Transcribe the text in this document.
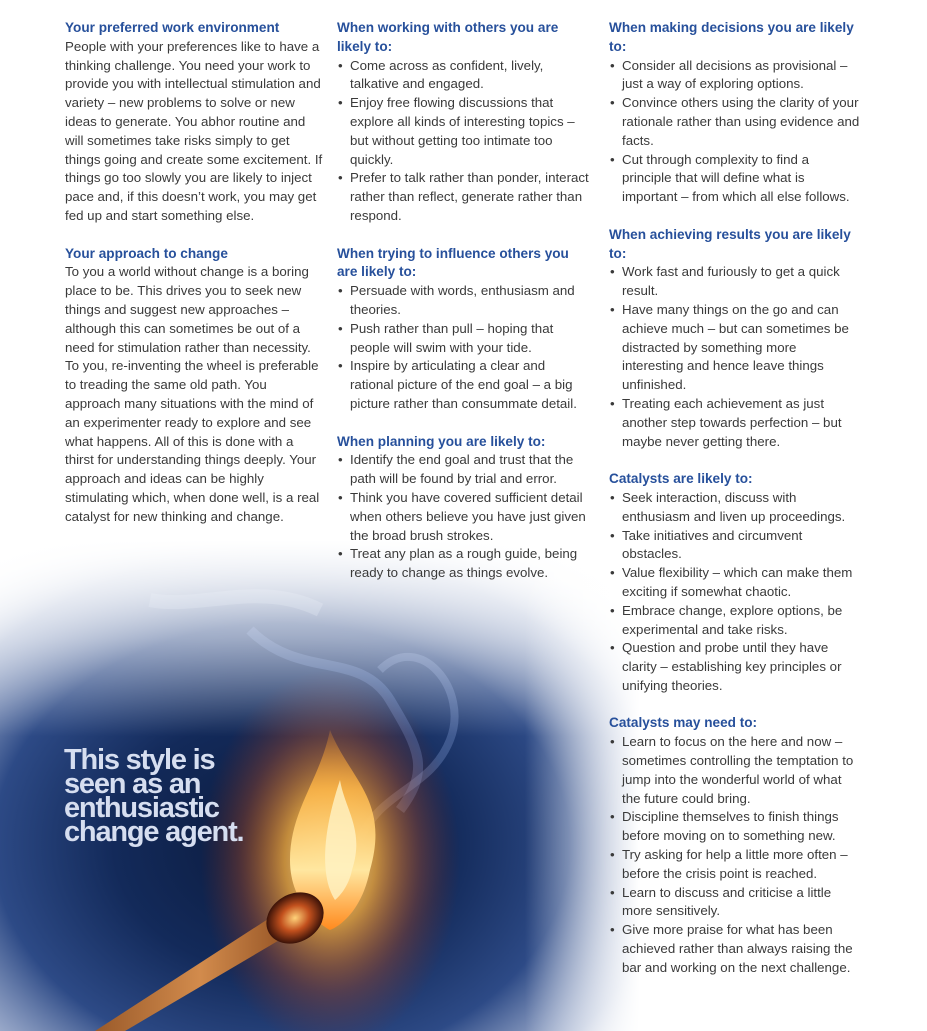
Your preferred work environment

People with your preferences like to have a thinking challenge. You need your work to provide you with intellectual stimulation and variety – new problems to solve or new ideas to generate. You abhor routine and will sometimes take risks simply to get things going and create some excitement. If things go too slowly you are likely to inject pace and, if this doesn’t work, you may get fed up and start something else.

Your approach to change

To you a world without change is a boring place to be. This drives you to seek new things and suggest new approaches – although this can sometimes be out of a need for stimulation rather than necessity. To you, re-inventing the wheel is preferable to treading the same old path. You approach many situations with the mind of an experimenter ready to explore and see what happens. All of this is done with a thirst for understanding things deeply. Your approach and ideas can be highly stimulating which, when done well, is a real catalyst for new thinking and change.

When working with others you are likely to:
• Come across as confident, lively, talkative and engaged.
• Enjoy free flowing discussions that explore all kinds of interesting topics – but without getting too intimate too quickly.
• Prefer to talk rather than ponder, interact rather than reflect, generate rather than respond.
When trying to influence others you are likely to:
• Persuade with words, enthusiasm and theories.
• Push rather than pull – hoping that people will swim with your tide.
• Inspire by articulating a clear and rational picture of the end goal – a big picture rather than consummate detail.
When planning you are likely to:
• Identify the end goal and trust that the path will be found by trial and error.
• Think you have covered sufficient detail when others believe you have just given the broad brush strokes.
• Treat any plan as a rough guide, being ready to change as things evolve.
When making decisions you are likely to:
• Consider all decisions as provisional – just a way of exploring options.
• Convince others using the clarity of your rationale rather than using evidence and facts.
• Cut through complexity to find a principle that will define what is important – from which all else follows.
When achieving results you are likely to:
• Work fast and furiously to get a quick result.
• Have many things on the go and can achieve much – but can sometimes be distracted by something more interesting and hence leave things unfinished.
• Treating each achievement as just another step towards perfection – but maybe never getting there.
Catalysts are likely to:
• Seek interaction, discuss with enthusiasm and liven up proceedings.
• Take initiatives and circumvent obstacles.
• Value flexibility – which can make them exciting if somewhat chaotic.
• Embrace change, explore options, be experimental and take risks.
• Question and probe until they have clarity – establishing key principles or unifying theories.
Catalysts may need to:
• Learn to focus on the here and now – sometimes controlling the temptation to jump into the wonderful world of what the future could bring.
• Discipline themselves to finish things before moving on to something new.
• Try asking for help a little more often – before the crisis point is reached.
• Learn to discuss and criticise a little more sensitively.
• Give more praise for what has been achieved rather than always raising the bar and working on the next challenge.
This style is
seen as an
enthusiastic
change agent.
